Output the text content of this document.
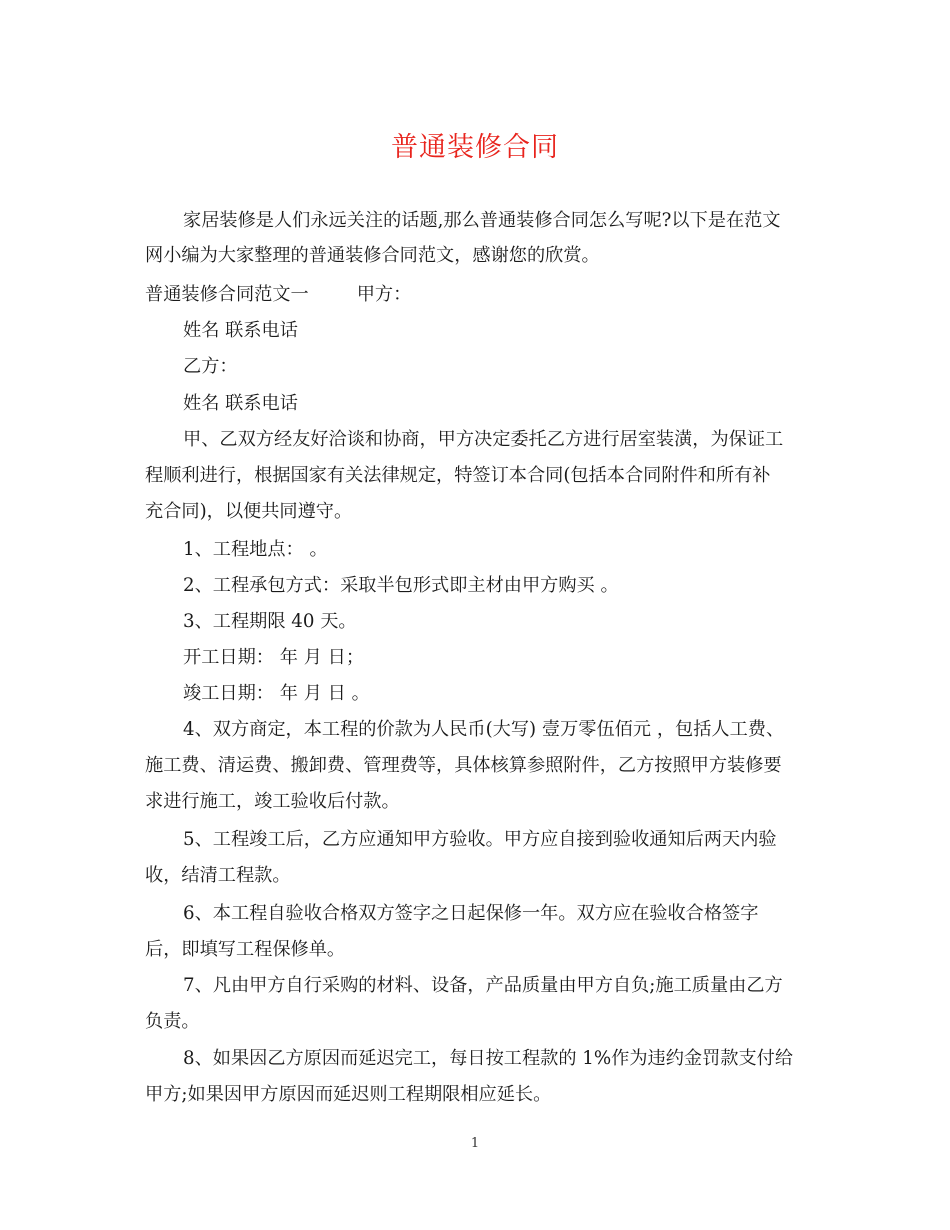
普通装修合同
家居装修是人们永远关注的话题,那么普通装修合同怎么写呢?以下是在范文
网小编为大家整理的普通装修合同范文，感谢您的欣赏。
普通装修合同范文一	甲方：
姓名 联系电话
乙方：
姓名 联系电话
甲、乙双方经友好洽谈和协商，甲方决定委托乙方进行居室装潢，为保证工
程顺利进行，根据国家有关法律规定，特签订本合同(包括本合同附件和所有补
充合同)，以便共同遵守。
1、工程地点： 。
2、工程承包方式：采取半包形式即主材由甲方购买 。
3、工程期限 40 天。
开工日期： 年 月 日；
竣工日期： 年 月 日 。
4、双方商定，本工程的价款为人民币(大写) 壹万零伍佰元 ，包括人工费、
施工费、清运费、搬卸费、管理费等，具体核算参照附件，乙方按照甲方装修要
求进行施工，竣工验收后付款。
5、工程竣工后，乙方应通知甲方验收。甲方应自接到验收通知后两天内验
收，结清工程款。
6、本工程自验收合格双方签字之日起保修一年。双方应在验收合格签字
后，即填写工程保修单。
7、凡由甲方自行采购的材料、设备，产品质量由甲方自负;施工质量由乙方
负责。
8、如果因乙方原因而延迟完工，每日按工程款的 1%作为违约金罚款支付给
甲方;如果因甲方原因而延迟则工程期限相应延长。
1
